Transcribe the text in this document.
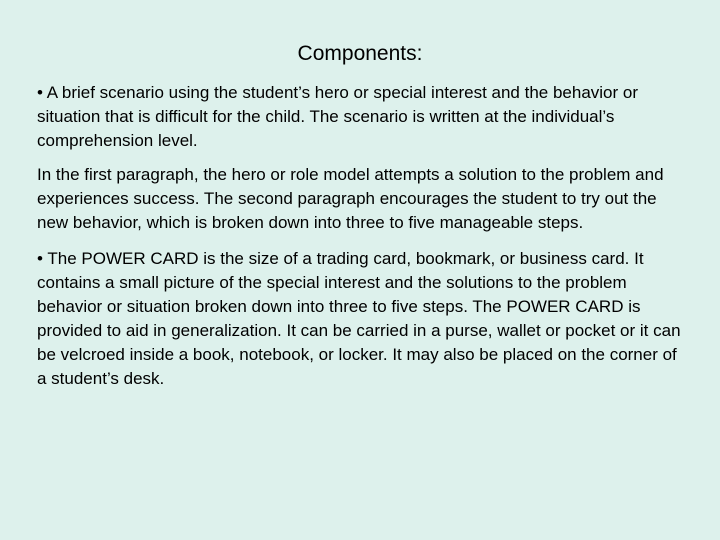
Components:

• A brief scenario using the student’s hero or special interest and the behavior or situation that is difficult for the child. The scenario is written at the individual’s comprehension level.

In the first paragraph, the hero or role model attempts a solution to the problem and experiences success. The second paragraph encourages the student to try out the new behavior, which is broken down into three to five manageable steps.

• The POWER CARD is the size of a trading card, bookmark, or business card. It contains a small picture of the special interest and the solutions to the problem behavior or situation broken down into three to five steps. The POWER CARD is provided to aid in generalization. It can be carried in a purse, wallet or pocket or it can be velcroed inside a book, notebook, or locker. It may also be placed on the corner of a student’s desk.
